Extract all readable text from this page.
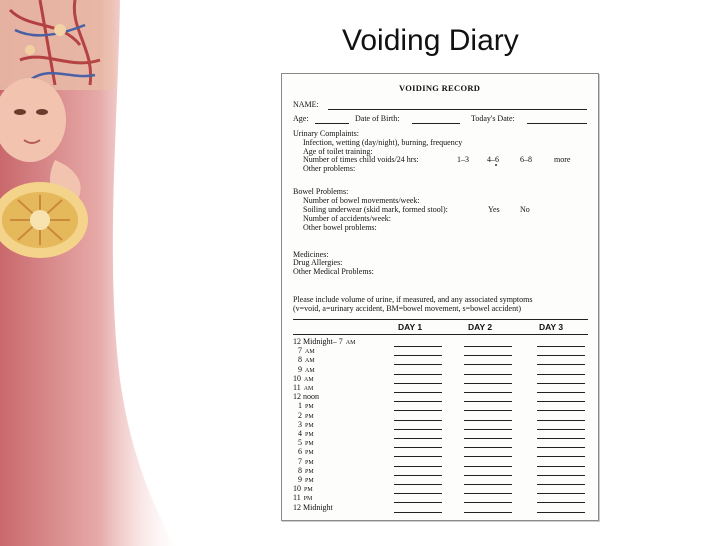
Voiding Diary
VOIDING RECORD
NAME:
Age:	Date of Birth:	Today's Date:
Urinary Complaints:
Infection, wetting (day/night), burning, frequency
Age of toilet training:
Number of times child voids/24 hrs:	1–3 4–6	6–8	more
Other problems:
Bowel Problems:
Number of bowel movements/week:
Soiling underwear (skid mark, formed stool):	Yes	No
Number of accidents/week:
Other bowel problems:
Medicines:
Drug Allergies:
Other Medical Problems:
Please include volume of urine, if measured, and any associated symptoms
(v=void, a=urinary accident, BM=bowel movement, s=bowel accident)
DAY 1	DAY 2	DAY 3
12 Midnight– 7 AM
7 AM
8 AM
9 AM
10 AM
11 AM
12 noon
1 PM
2 PM
3 PM
4 PM
5 PM
6 PM
7 PM
8 PM
9 PM
10 PM
11 PM
12 Midnight
